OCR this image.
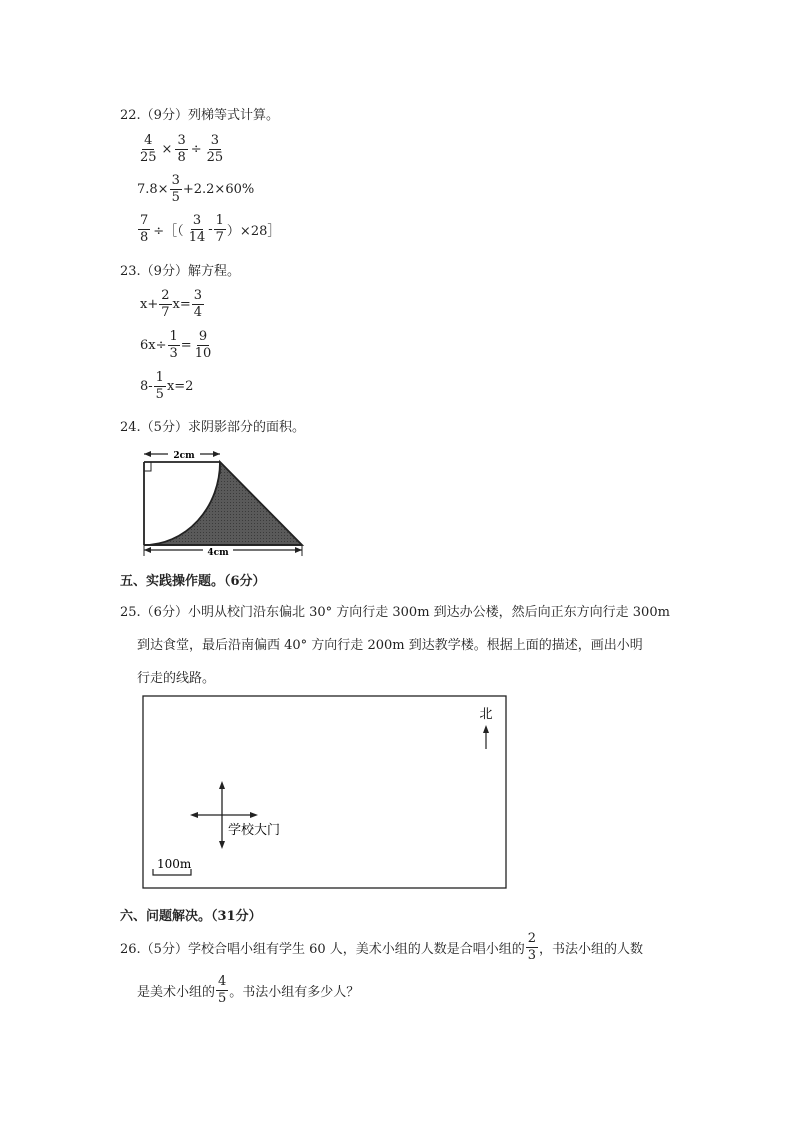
22.（9分）列梯等式计算。
$\frac{4}{25} \times \frac{3}{8} \div \frac{3}{25}$
$7.8\times \frac{3}{5} +2.2\times 60\%$
$\frac{7}{8}$ ÷［（ $\frac{3}{14} - \frac{1}{7}$ ）×28］
23.（9分）解方程。
$x+ \frac{2}{7} x= \frac{3}{4}$
$6x\div \frac{1}{3} = \frac{9}{10}$
$8- \frac{1}{5} x=2$
24.（5分）求阴影部分的面积。
2cm
4cm
五、实践操作题。（6分）
25.（6分）小明从校门沿东偏北 30° 方向行走 300m 到达办公楼，然后向正东方向行走 300m
到达食堂，最后沿南偏西 40° 方向行走 200m 到达教学楼。根据上面的描述，画出小明
行走的线路。
北
学校大门
100m
六、问题解决。（31分）
26.（5分）学校合唱小组有学生 60 人，美术小组的人数是合唱小组的 $\frac{2}{3}$ ，书法小组的人数
是美术小组的 $\frac{4}{5}$ 。书法小组有多少人？
